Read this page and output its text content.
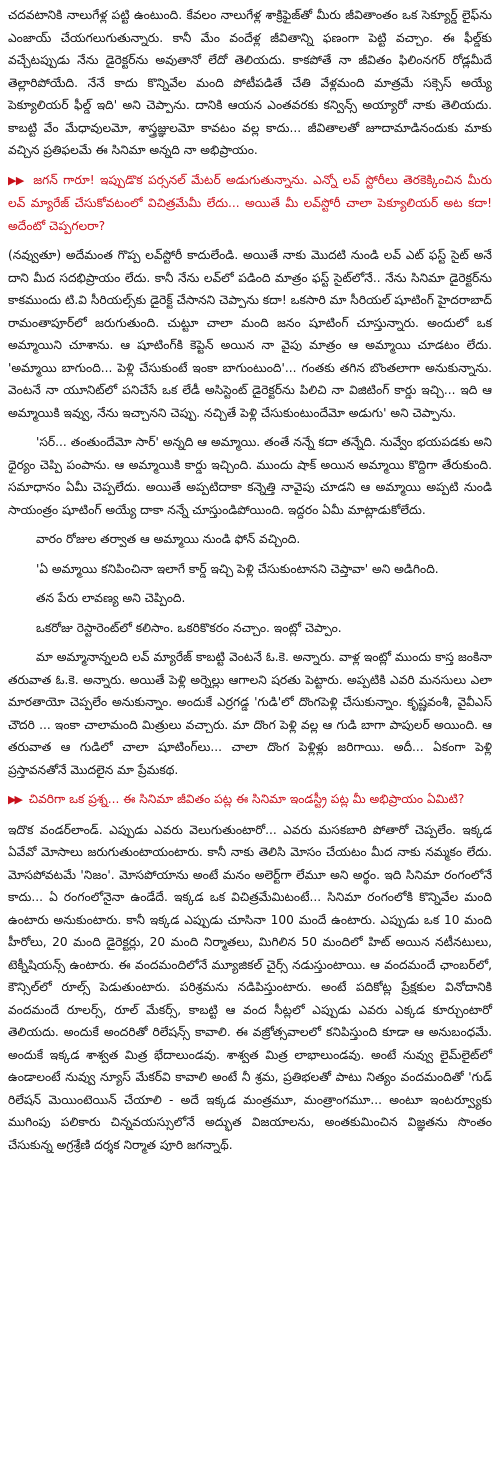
చదవటానికి నాలుగేళ్ల పట్టి ఉంటుంది. కేవలం నాలుగేళ్ల శాక్రిఫైజ్‌తో మీరు జీవితాంతం ఒక సెక్యూర్డ్ లైఫ్‌ను ఎంజాయ్ చేయగలుగుతున్నారు. కానీ మేం వందేళ్ల జీవితాన్ని ఫణంగా పెట్టి వచ్చాం. ఈ ఫీల్డ్‌కు వచ్చేటప్పుడు నేను డైరెక్టర్‌ను అవుతానో లేదో తెలియదు. కాకపోతే నా జీవితం ఫిలింనగర్ రోడ్లమీదే తెల్లారిపోయేది. నేనే కాదు కొన్నివేల మంది పోటీపడితే చేతి వేళ్లమంది మాత్రమే సక్సెస్ అయ్యే పెక్యూలియర్ ఫీల్డ్ ఇది' అని చెప్పాను. దానికి ఆయన ఎంతవరకు కన్విన్స్ అయ్యారో నాకు తెలియదు. కాబట్టి వేం మేధావులమో, శాస్త్రజ్ఞులమో కావటం వల్ల కాదు... జీవితాలతో జూదామాడినందుకు మాకు వచ్చిన ప్రతిఫలమే ఈ సినిమా అన్నది నా అభిప్రాయం.

▶▶ జగన్ గారూ! ఇప్పుడొక పర్సనల్ మేటర్ అడుగుతున్నాను. ఎన్నో లవ్ స్టోరీలు తెరకెక్కించిన మీరు లవ్ మ్యారేజ్ చేసుకోవటంలో విచిత్రమేమీ లేదు... అయితే మీ లవ్‌స్టోరీ చాలా పెక్యూలియర్ అట కదా! అదేంటో చెప్పగలరా?

(నవ్వుతూ) అదేమంత గొప్ప లవ్‌స్టోరీ కాదులేండి. అయితే నాకు మొదటి నుండి లవ్ ఎట్ ఫస్ట్ సైట్ అనే దాని మీద సదభిప్రాయం లేదు. కానీ నేను లవ్‌లో పడింది మాత్రం ఫస్ట్ సైట్‌లోనే.. నేను సినిమా డైరెక్టర్‌ను కాకముందు టి.వి సీరియల్స్‌కు డైరెక్ట్ చేసానని చెప్పాను కదా! ఒకసారి మా సీరియల్ షూటింగ్ హైదరాబాద్ రామంతాపూర్‌లో జరుగుతుంది. చుట్టూ చాలా మంది జనం షూటింగ్ చూస్తున్నారు. అందులో ఒక అమ్మాయిని చూశాను. ఆ షూటింగ్‌కి కెప్టెన్ అయిన నా వైపు మాత్రం ఆ అమ్మాయి చూడటం లేదు. 'అమ్మాయి బాగుంది... పెళ్లి చేసుకుంటే ఇంకా బాగుంటుంది'... గంతకు తగిన బొంతలాగా అనుకున్నాను. వెంటనే నా యూనిట్‌లో పనిచేసే ఒక లేడీ అసిస్టెంట్ డైరెక్టర్‌ను పిలిచి నా విజిటింగ్ కార్డు ఇచ్చి... ఇది ఆ అమ్మాయికి ఇవ్వు, నేను ఇచ్చానని చెప్పు. నచ్చితే పెళ్లి చేసుకుంటుందేమో అడుగు' అని చెప్పాను.

'సర్... తంతుందేమో సార్' అన్నది ఆ అమ్మాయి. తంతే నన్నే కదా తన్నేది. నువ్వేం భయపడకు అని ధైర్యం చెప్పి పంపాను. ఆ అమ్మాయికి కార్డు ఇచ్చింది. ముందు షాక్ అయిన అమ్మాయి కొద్దిగా తేరుకుంది. సమాధానం ఏమీ చెప్పలేదు. అయితే అప్పటిదాకా కన్నెత్తి నావైపు చూడని ఆ అమ్మాయి అప్పటి నుండి సాయంత్రం షూటింగ్ అయ్యే దాకా నన్నే చూస్తుండిపోయింది. ఇద్దరం ఏమీ మాట్లాడుకోలేదు.

వారం రోజుల తర్వాత ఆ అమ్మాయి నుండి ఫోన్ వచ్చింది.

'ఏ అమ్మాయి కనిపించినా ఇలాగే కార్డ్ ఇచ్చి పెళ్లి చేసుకుంటానని చెప్తావా' అని అడిగింది.

తన పేరు లావణ్య అని చెప్పింది.

ఒకరోజు రెస్టారెంట్‌లో కలిసాం. ఒకరికొకరం నచ్చాం. ఇంట్లో చెప్పాం.

మా అమ్మానాన్నలది లవ్ మ్యారేజ్ కాబట్టి వెంటనే ఓ.కె. అన్నారు. వాళ్ల ఇంట్లో ముందు కాస్త జంకినా తరువాత ఓ.కె. అన్నారు. అయితే పెళ్లి అర్నెల్లు ఆగాలని షరతు పెట్టారు. అప్పటికి ఎవరి మనసులు ఎలా మారతాయో చెప్పలేం అనుకున్నాం. అందుకే ఎర్రగడ్డ 'గుడి'లో దొంగపెళ్లి చేసుకున్నాం. కృష్ణవంశీ, వైవీఎస్ చౌదరి ... ఇంకా చాలామంది మిత్రులు వచ్చారు. మా దొంగ పెళ్లి వల్ల ఆ గుడి బాగా పాపులర్ అయింది. ఆ తరువాత ఆ గుడిలో చాలా షూటింగ్‌లు... చాలా దొంగ పెళ్లిళ్లు జరిగాయి. అదీ... ఏకంగా పెళ్లి ప్రస్తావనతోనే మొదలైన మా ప్రేమకథ.

▶▶ చివరిగా ఒక ప్రశ్న... ఈ సినిమా జీవితం పట్ల ఈ సినిమా ఇండస్ట్రీ పట్ల మీ అభిప్రాయం ఏమిటి?

ఇదొక వండర్‌లాండ్. ఎప్పుడు ఎవరు వెలుగుతుంటారో... ఎవరు మసకబారి పోతారో చెప్పలేం. ఇక్కడ ఏవేవో మోసాలు జరుగుతుంటాయంటారు. కానీ నాకు తెలిసి మోసం చేయటం మీద నాకు నమ్మకం లేదు. మోసపోవటమే 'నిజం'. మోసపోయాను అంటే మనం అలెర్ట్‌గా లేమూ అని అర్థం. ఇది సినిమా రంగంలోనే కాదు... ఏ రంగంలోనైనా ఉండేదే. ఇక్కడ ఒక విచిత్రమేమిటంటే... సినిమా రంగంలోకి కొన్నివేల మంది ఉంటారు అనుకుంటారు. కానీ ఇక్కడ ఎప్పుడు చూసినా 100 మందే ఉంటారు. ఎప్పుడు ఒక 10 మంది హీరోలు, 20 మంది డైరెక్టర్లు, 20 మంది నిర్మాతలు, మిగిలిన 50 మందిలో హిట్ అయిన నటీనటులు, టెక్నీషియన్స్ ఉంటారు. ఈ వందమందిలోనే మ్యూజికల్ చైర్స్ నడుస్తుంటాయి. ఆ వందమందే ఛాంబర్‌లో, కౌన్సిల్‌లో రూల్స్ పెడుతుంటారు. పరిశ్రమను నడిపిస్తుంటారు. అంటే పదికోట్ల ప్రేక్షకుల వినోదానికి వందమందే రూలర్స్, రూల్ మేకర్స్, కాబట్టి ఆ వంద సీట్లలో ఎప్పుడు ఎవరు ఎక్కడ కూర్చుంటారో తెలియదు. అందుకే అందరితో రిలేషన్స్ కావాలి. ఈ వజ్రోత్సవాలలో కనిపిస్తుంది కూడా ఆ అనుబంధమే. అందుకే ఇక్కడ శాశ్వత మిత్ర భేదాలుండవు. శాశ్వత మిత్ర లాభాలుండవు. అంటే నువ్వు లైమ్‌లైట్‌లో ఉండాలంటే నువ్వు న్యూస్ మేకర్‌వి కావాలి అంటే నీ శ్రమ, ప్రతిభలతో పాటు నిత్యం వందమందితో 'గుడ్ రిలేషన్ మెయింటెయిన్ చేయాలి - అదే ఇక్కడ మంత్రమూ, మంత్రాంగమూ... అంటూ ఇంటర్వ్యూకు ముగింపు పలికారు చిన్నవయస్సులోనే అద్భుత విజయాలను, అంతకుమించిన విజ్ఞతను సొంతం చేసుకున్న అగ్రశ్రేణి దర్శక నిర్మాత పూరి జగన్నాథ్.
